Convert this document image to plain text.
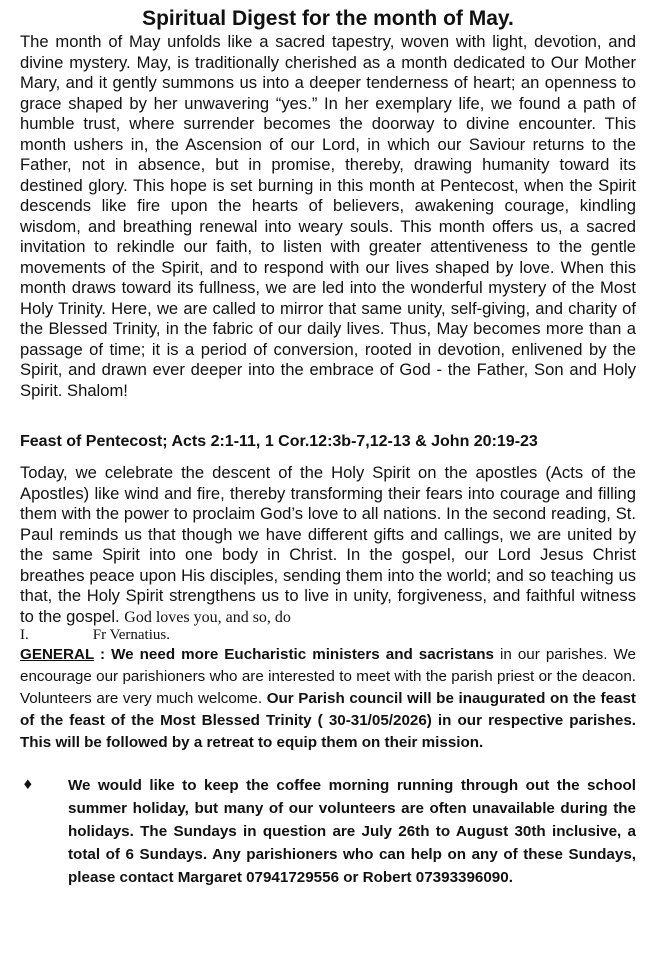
Spiritual Digest for the month of May.

The month of May unfolds like a sacred tapestry, woven with light, devotion, and divine mystery. May, is traditionally cherished as a month dedicated to Our Mother Mary, and it gently summons us into a deeper tenderness of heart; an openness to grace shaped by her unwavering “yes.” In her exemplary life, we found a path of humble trust, where surrender becomes the doorway to divine encounter. This month ushers in, the Ascension of our Lord, in which our Saviour returns to the Father, not in absence, but in promise, thereby, drawing humanity toward its destined glory. This hope is set burning in this month at Pentecost, when the Spirit descends like fire upon the hearts of believers, awakening courage, kindling wisdom, and breathing renewal into weary souls. This month offers us, a sacred invitation to rekindle our faith, to listen with greater attentiveness to the gentle movements of the Spirit, and to respond with our lives shaped by love. When this month draws toward its fullness, we are led into the wonderful mystery of the Most Holy Trinity. Here, we are called to mirror that same unity, self-giving, and charity of the Blessed Trinity, in the fabric of our daily lives. Thus, May becomes more than a passage of time; it is a period of conversion, rooted in devotion, enlivened by the Spirit, and drawn ever deeper into the embrace of God - the Father, Son and Holy Spirit. Shalom!

Feast of Pentecost; Acts 2:1-11, 1 Cor.12:3b-7,12-13 & John 20:19-23

Today, we celebrate the descent of the Holy Spirit on the apostles (Acts of the Apostles) like wind and fire, thereby transforming their fears into courage and filling them with the power to proclaim God’s love to all nations. In the second reading, St. Paul reminds us that though we have different gifts and callings, we are united by the same Spirit into one body in Christ. In the gospel, our Lord Jesus Christ breathes peace upon His disciples, sending them into the world; and so teaching us that, the Holy Spirit strengthens us to live in unity, forgiveness, and faithful witness to the gospel. God loves you, and so, do

I.	Fr Vernatius.

GENERAL : We need more Eucharistic ministers and sacristans in our parishes. We encourage our parishioners who are interested to meet with the parish priest or the deacon. Volunteers are very much welcome. Our Parish council will be inaugurated on the feast of the feast of the Most Blessed Trinity ( 30-31/05/2026) in our respective parishes. This will be followed by a retreat to equip them on their mission.

♦ We would like to keep the coffee morning running through out the school summer holiday, but many of our volunteers are often unavailable during the holidays. The Sundays in question are July 26th to August 30th inclusive, a total of 6 Sundays. Any parishioners who can help on any of these Sundays, please contact Margaret 07941729556 or Robert 07393396090.
